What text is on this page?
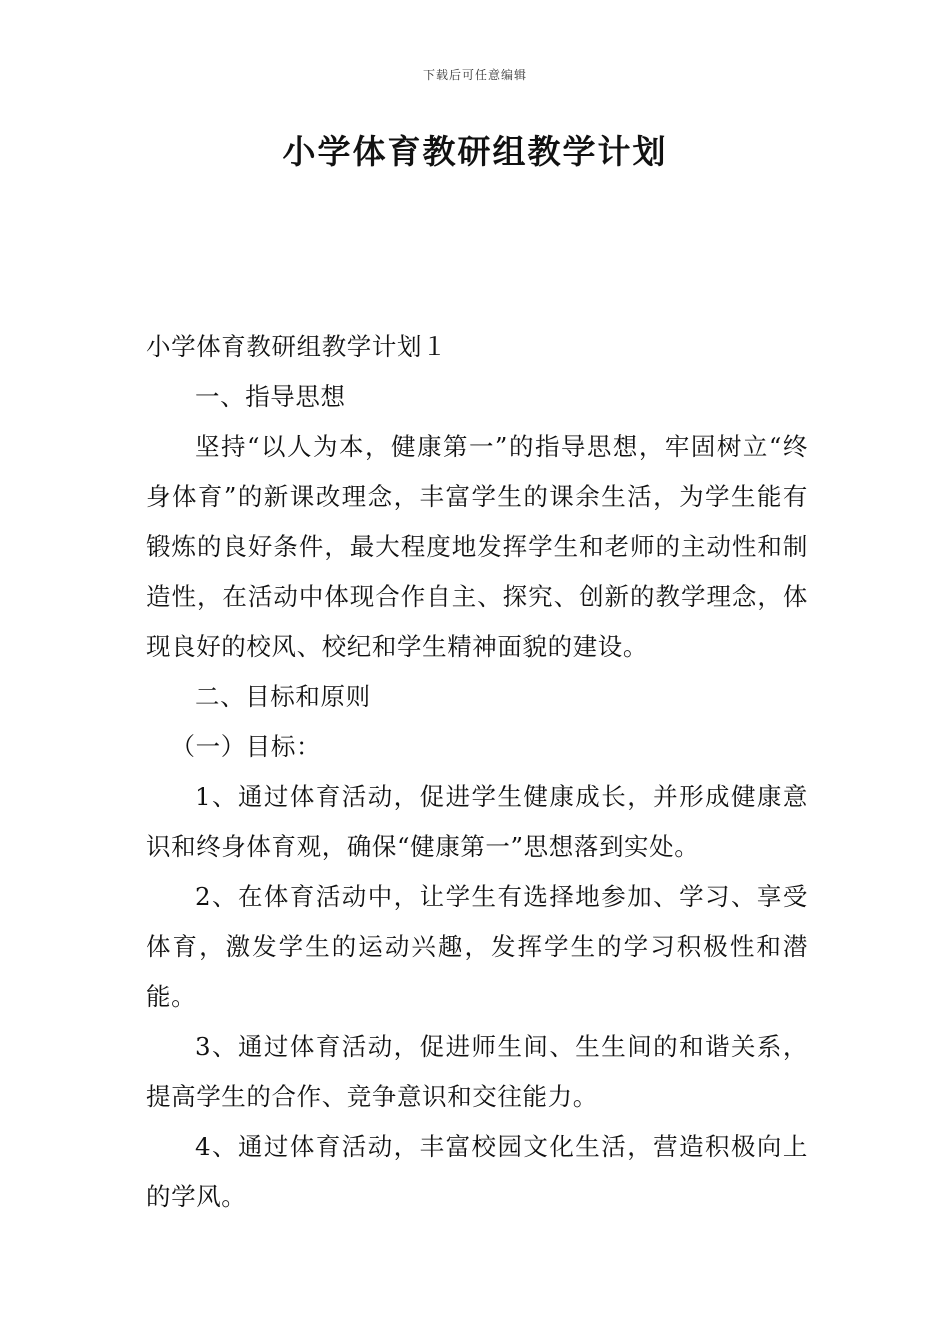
下载后可任意编辑
小学体育教研组教学计划

小学体育教研组教学计划１

一、指导思想

坚持“以人为本，健康第一”的指导思想，牢固树立“终身体育”的新课改理念，丰富学生的课余生活，为学生能有锻炼的良好条件，最大程度地发挥学生和老师的主动性和制造性，在活动中体现合作自主、探究、创新的教学理念，体现良好的校风、校纪和学生精神面貌的建设。

二、目标和原则

（一）目标：

1、通过体育活动，促进学生健康成长，并形成健康意识和终身体育观，确保“健康第一”思想落到实处。

2、在体育活动中，让学生有选择地参加、学习、享受体育，激发学生的运动兴趣，发挥学生的学习积极性和潜能。

3、通过体育活动，促进师生间、生生间的和谐关系，提高学生的合作、竞争意识和交往能力。

4、通过体育活动，丰富校园文化生活，营造积极向上的学风。
